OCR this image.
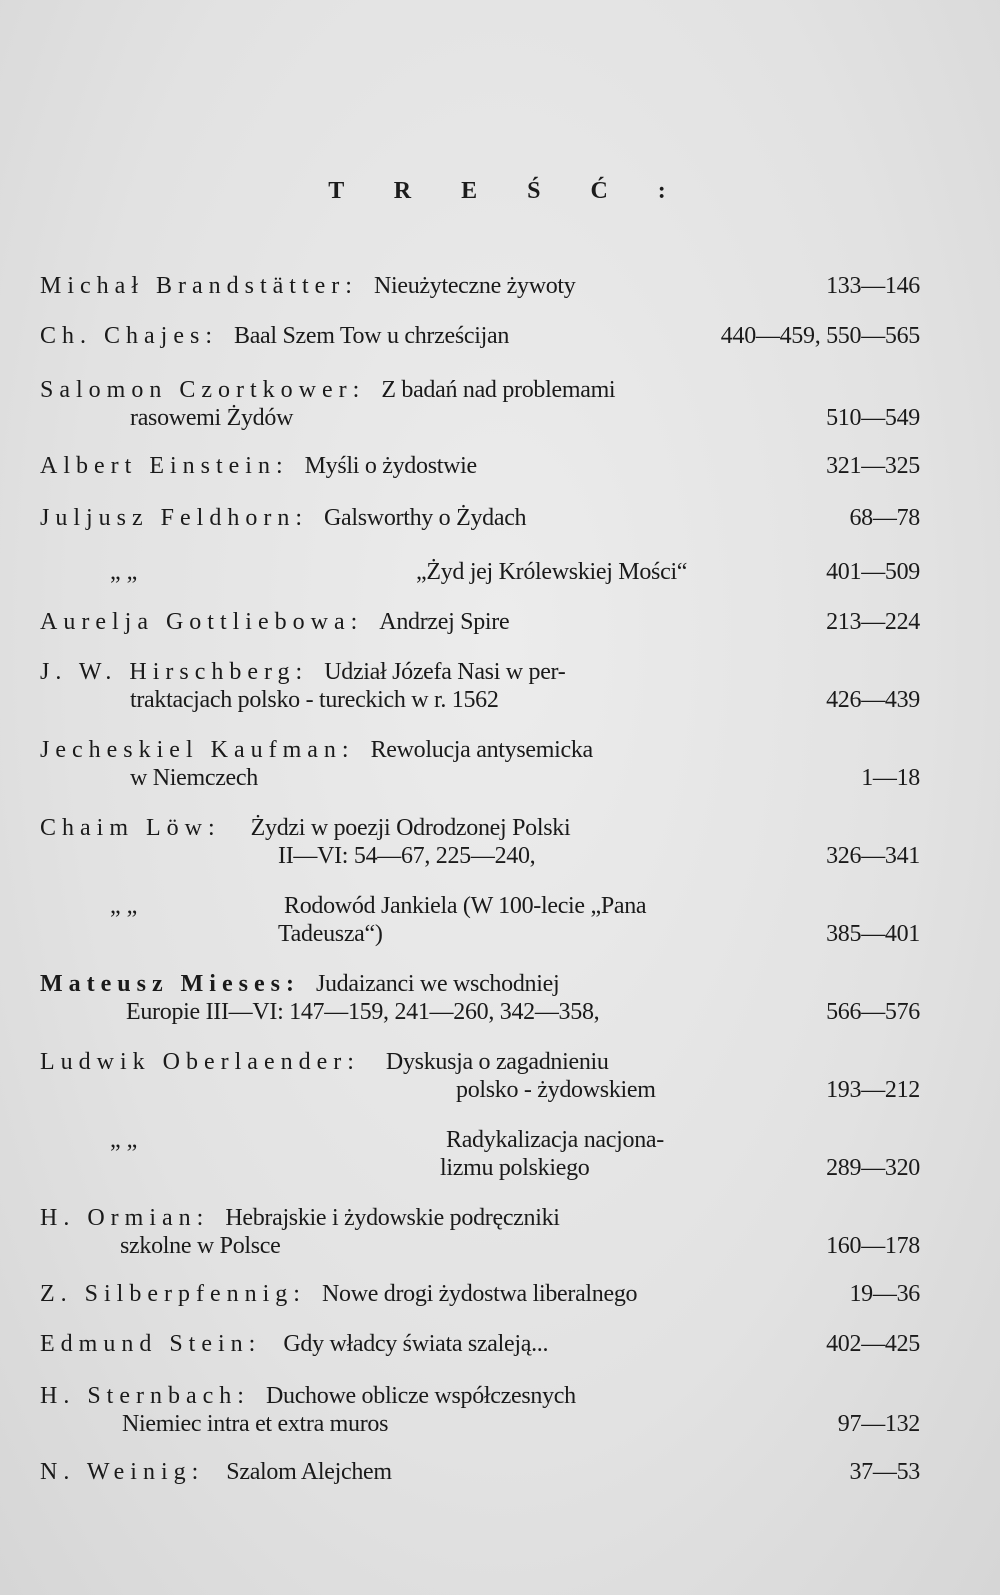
T R E Ś Ć :
Michał Brandstätter: Nieużyteczne żywoty	133—146
Ch. Chajes: Baal Szem Tow u chrześcijan	440—459, 550—565
Salomon Czortkower: Z badań nad problemami
rasowemi Żydów	510—549
Albert Einstein: Myśli o żydostwie	321—325
Juljusz Feldhorn: Galsworthy o Żydach	68—78
„ „	„Żyd jej Królewskiej Mości“	401—509
Aurelja Gottliebowa: Andrzej Spire	213—224
J. W. Hirschberg: Udział Józefa Nasi w per-
traktacjach polsko - tureckich w r. 1562	426—439
Jecheskiel Kaufman: Rewolucja antysemicka
w Niemczech	1—18
Chaim Löw: Żydzi w poezji Odrodzonej Polski
II—VI: 54—67, 225—240,	326—341
„ „	Rodowód Jankiela (W 100-lecie „Pana
Tadeusza“)	385—401
Mateusz Mieses: Judaizanci we wschodniej
Europie III—VI: 147—159, 241—260, 342—358,	566—576
Ludwik Oberlaender: Dyskusja o zagadnieniu
polsko - żydowskiem	193—212
„ „	Radykalizacja nacjona-
lizmu polskiego	289—320
H. Ormian: Hebrajskie i żydowskie podręczniki
szkolne w Polsce	160—178
Z. Silberpfennig: Nowe drogi żydostwa liberalnego	19—36
Edmund Stein: Gdy władcy świata szaleją...	402—425
H. Sternbach: Duchowe oblicze współczesnych
Niemiec intra et extra muros	97—132
N. Weinig: Szalom Alejchem	37—53
